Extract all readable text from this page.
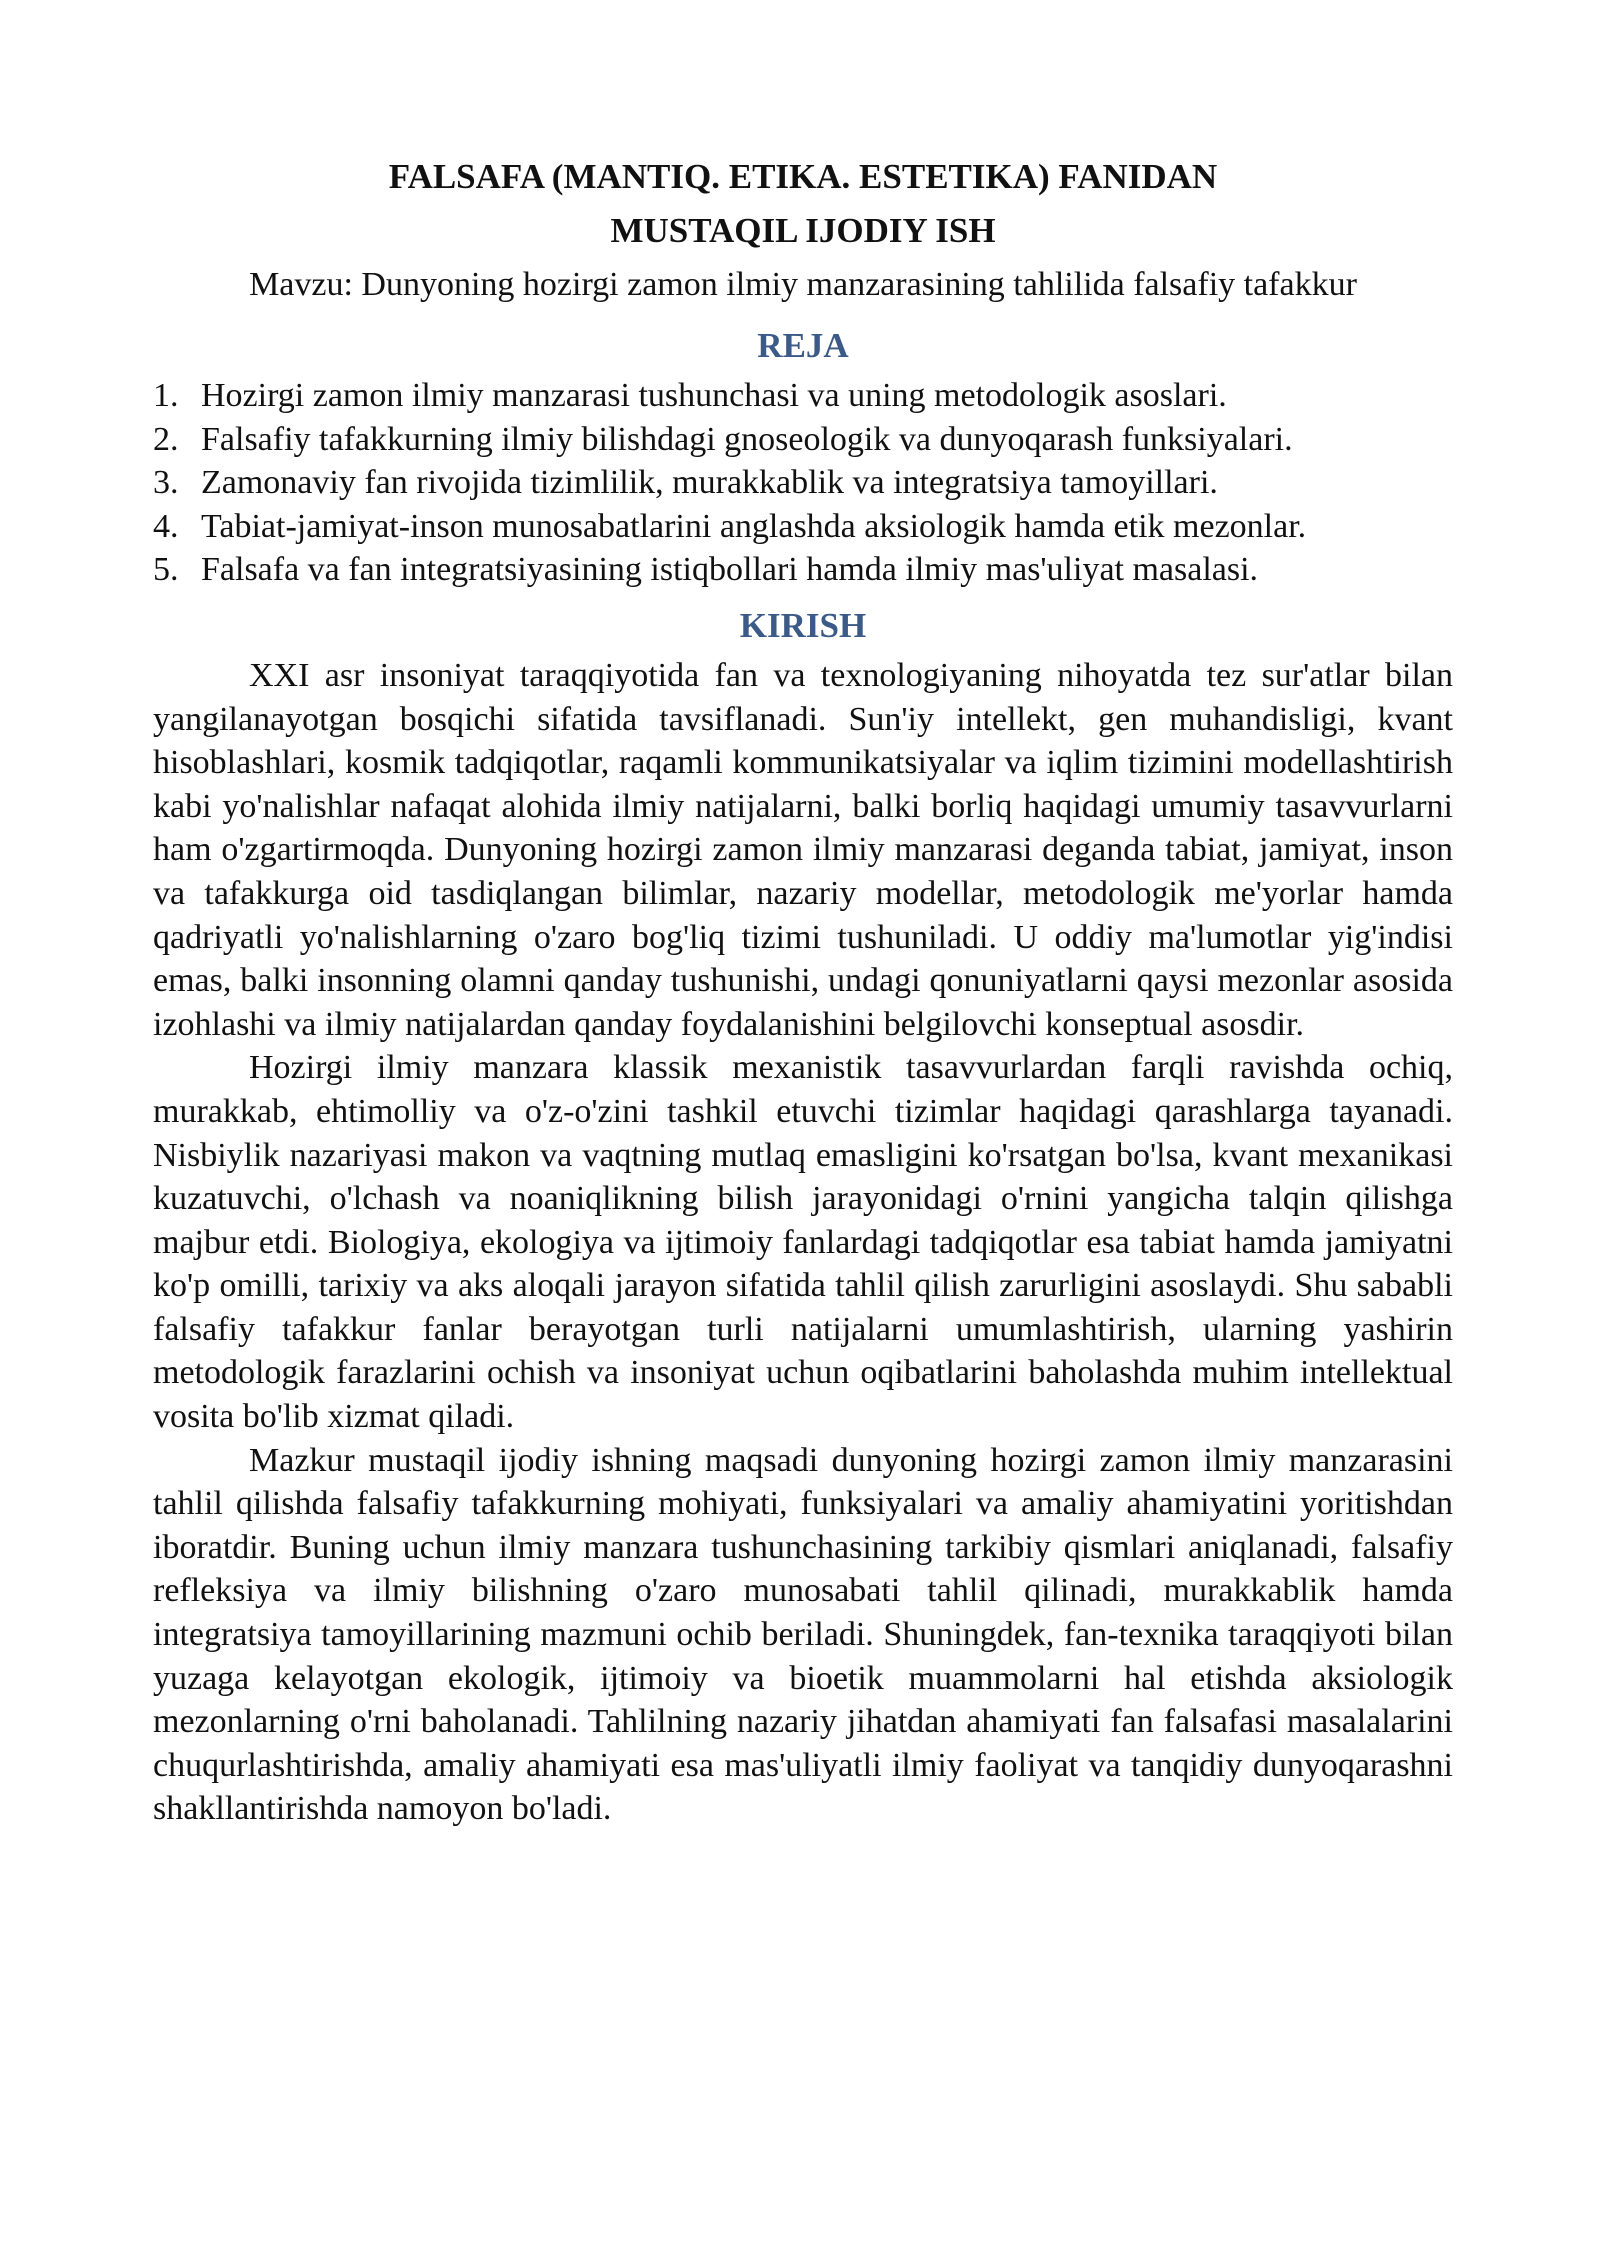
FALSAFA (MANTIQ. ETIKA. ESTETIKA) FANIDAN

MUSTAQIL IJODIY ISH

Mavzu: Dunyoning hozirgi zamon ilmiy manzarasining tahlilida falsafiy tafakkur

REJA
1. Hozirgi zamon ilmiy manzarasi tushunchasi va uning metodologik asoslari.
2. Falsafiy tafakkurning ilmiy bilishdagi gnoseologik va dunyoqarash funksiyalari.
3. Zamonaviy fan rivojida tizimlilik, murakkablik va integratsiya tamoyillari.
4. Tabiat-jamiyat-inson munosabatlarini anglashda aksiologik hamda etik mezonlar.
5. Falsafa va fan integratsiyasining istiqbollari hamda ilmiy mas'uliyat masalasi.
KIRISH

XXI asr insoniyat taraqqiyotida fan va texnologiyaning nihoyatda tez sur'atlar bilan yangilanayotgan bosqichi sifatida tavsiflanadi. Sun'iy intellekt, gen muhandisligi, kvant hisoblashlari, kosmik tadqiqotlar, raqamli kommunikatsiyalar va iqlim tizimini modellashtirish kabi yo'nalishlar nafaqat alohida ilmiy natijalarni, balki borliq haqidagi umumiy tasavvurlarni ham o'zgartirmoqda. Dunyoning hozirgi zamon ilmiy manzarasi deganda tabiat, jamiyat, inson va tafakkurga oid tasdiqlangan bilimlar, nazariy modellar, metodologik me'yorlar hamda qadriyatli yo'nalishlarning o'zaro bog'liq tizimi tushuniladi. U oddiy ma'lumotlar yig'indisi emas, balki insonning olamni qanday tushunishi, undagi qonuniyatlarni qaysi mezonlar asosida izohlashi va ilmiy natijalardan qanday foydalanishini belgilovchi konseptual asosdir.

Hozirgi ilmiy manzara klassik mexanistik tasavvurlardan farqli ravishda ochiq, murakkab, ehtimolliy va o'z-o'zini tashkil etuvchi tizimlar haqidagi qarashlarga tayanadi. Nisbiylik nazariyasi makon va vaqtning mutlaq emasligini ko'rsatgan bo'lsa, kvant mexanikasi kuzatuvchi, o'lchash va noaniqlikning bilish jarayonidagi o'rnini yangicha talqin qilishga majbur etdi. Biologiya, ekologiya va ijtimoiy fanlardagi tadqiqotlar esa tabiat hamda jamiyatni ko'p omilli, tarixiy va aks aloqali jarayon sifatida tahlil qilish zarurligini asoslaydi. Shu sababli falsafiy tafakkur fanlar berayotgan turli natijalarni umumlashtirish, ularning yashirin metodologik farazlarini ochish va insoniyat uchun oqibatlarini baholashda muhim intellektual vosita bo'lib xizmat qiladi.

Mazkur mustaqil ijodiy ishning maqsadi dunyoning hozirgi zamon ilmiy manzarasini tahlil qilishda falsafiy tafakkurning mohiyati, funksiyalari va amaliy ahamiyatini yoritishdan iboratdir. Buning uchun ilmiy manzara tushunchasining tarkibiy qismlari aniqlanadi, falsafiy refleksiya va ilmiy bilishning o'zaro munosabati tahlil qilinadi, murakkablik hamda integratsiya tamoyillarining mazmuni ochib beriladi. Shuningdek, fan-texnika taraqqiyoti bilan yuzaga kelayotgan ekologik, ijtimoiy va bioetik muammolarni hal etishda aksiologik mezonlarning o'rni baholanadi. Tahlilning nazariy jihatdan ahamiyati fan falsafasi masalalarini chuqurlashtirishda, amaliy ahamiyati esa mas'uliyatli ilmiy faoliyat va tanqidiy dunyoqarashni shakllantirishda namoyon bo'ladi.
